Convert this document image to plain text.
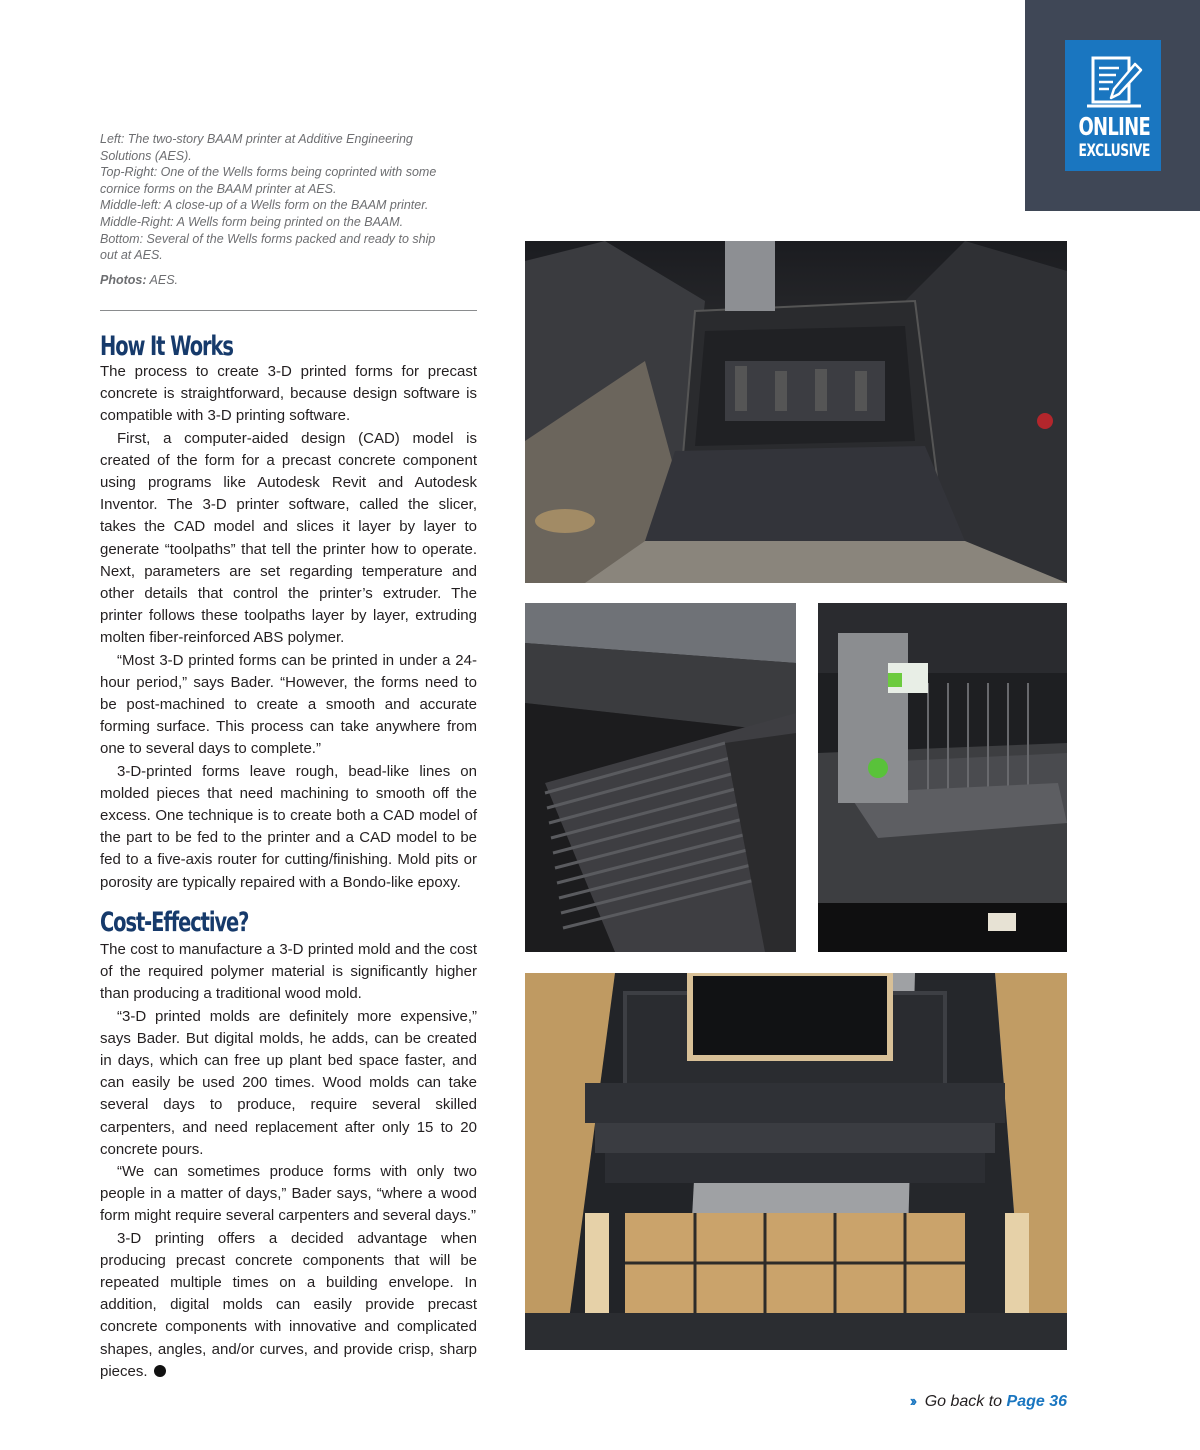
ONLINE
EXCLUSIVE
Left: The two-story BAAM printer at Additive Engineering
Solutions (AES).
Top-Right: One of the Wells forms being coprinted with some
cornice forms on the BAAM printer at AES.
Middle-left: A close-up of a Wells form on the BAAM printer.
Middle-Right: A Wells form being printed on the BAAM.
Bottom: Several of the Wells forms packed and ready to ship
out at AES.
Photos: AES.
How It Works

The process to create 3-D printed forms for precast concrete is straightforward, because design software is compatible with 3-D printing software.

First, a computer-aided design (CAD) model is created of the form for a precast concrete component using programs like Autodesk Revit and Autodesk Inventor. The 3-D printer software, called the slicer, takes the CAD model and slices it layer by layer to generate “toolpaths” that tell the printer how to operate. Next, parameters are set regarding temperature and other details that control the printer’s extruder. The printer follows these toolpaths layer by layer, extruding molten fiber-reinforced ABS polymer.

“Most 3-D printed forms can be printed in under a 24-hour period,” says Bader. “However, the forms need to be post-machined to create a smooth and accurate forming surface. This process can take anywhere from one to several days to complete.”

3-D-printed forms leave rough, bead-like lines on molded pieces that need machining to smooth off the excess. One technique is to create both a CAD model of the part to be fed to the printer and a CAD model to be fed to a five-axis router for cutting/finishing. Mold pits or porosity are typically repaired with a Bondo-like epoxy.

Cost-Effective?

The cost to manufacture a 3-D printed mold and the cost of the required polymer material is significantly higher than producing a traditional wood mold.

“3-D printed molds are definitely more expensive,” says Bader. But digital molds, he adds, can be created in days, which can free up plant bed space faster, and can easily be used 200 times. Wood molds can take several days to produce, require several skilled carpenters, and need replacement after only 15 to 20 concrete pours.

“We can sometimes produce forms with only two people in a matter of days,” Bader says, “where a wood form might require several carpenters and several days.”

3-D printing offers a decided advantage when producing precast concrete components that will be repeated multiple times on a building envelope. In addition, digital molds can easily provide precast concrete components with innovative and complicated shapes, angles, and/or curves, and provide crisp, sharp pieces.

›› Go back to Page 36
